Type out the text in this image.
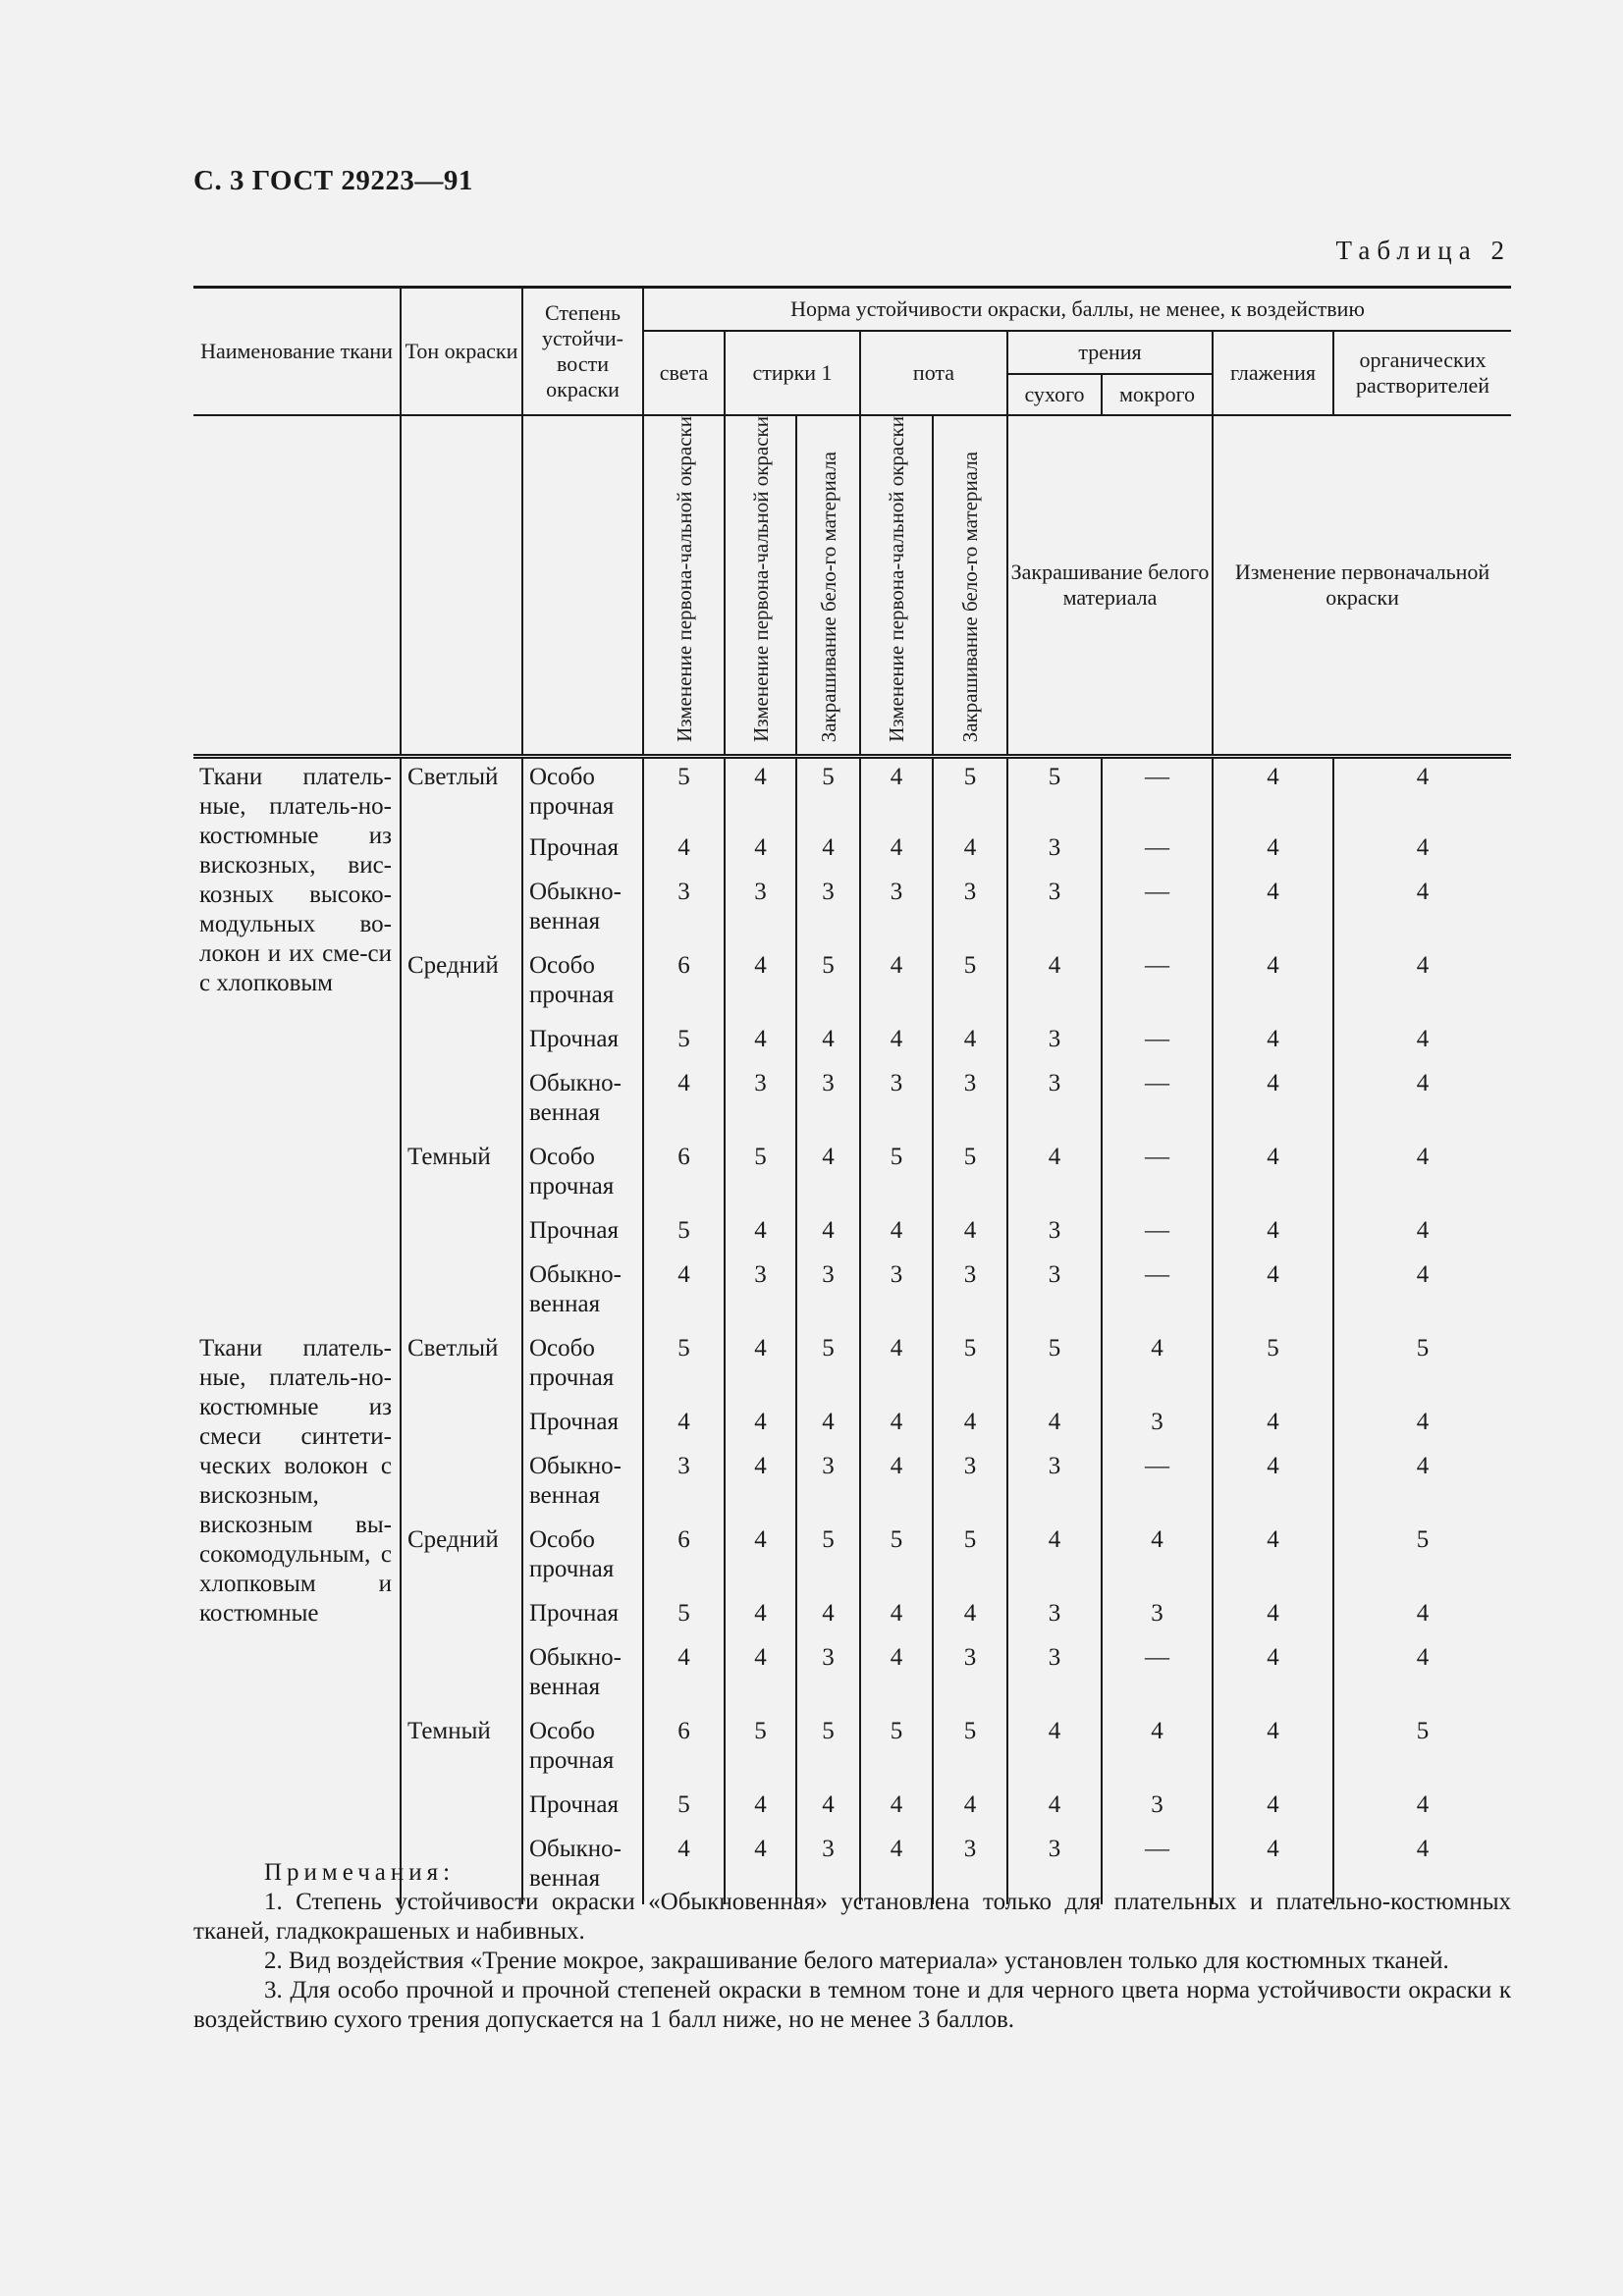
С. 3 ГОСТ 29223—91
Таблица 2
Наименование ткани	Тон окраски	Степень устойчи-вости окраски	Норма устойчивости окраски, баллы, не менее, к воздействию								
			света	стирки 1		пота		трения		глажения	органических растворителей
								сухого	мокрого		
			Изменение первона-чальной окраски	Изменение первона-чальной окраски	Закрашивание бело-го материала	Изменение первона-чальной окраски	Закрашивание бело-го материала	Закрашивание белого материала		Изменение первоначальной окраски	
Ткани платель-ные, платель-но-костюмные из вискозных, вис-козных высоко-модульных во-локон и их сме-си с хлопковым	Светлый	Особо прочная	5	4	5	4	5	5	—	4	4
		Прочная	4	4	4	4	4	3	—	4	4
		Обыкно-венная	3	3	3	3	3	3	—	4	4
	Средний	Особо прочная	6	4	5	4	5	4	—	4	4
		Прочная	5	4	4	4	4	3	—	4	4
		Обыкно-венная	4	3	3	3	3	3	—	4	4
	Темный	Особо прочная	6	5	4	5	5	4	—	4	4
		Прочная	5	4	4	4	4	3	—	4	4
		Обыкно-венная	4	3	3	3	3	3	—	4	4
Ткани платель-ные, платель-но-костюмные из смеси синтети-ческих волокон с вискозным, вискозным вы-сокомодульным, с хлопковым и костюмные	Светлый	Особо прочная	5	4	5	4	5	5	4	5	5
		Прочная	4	4	4	4	4	4	3	4	4
		Обыкно-венная	3	4	3	4	3	3	—	4	4
	Средний	Особо прочная	6	4	5	5	5	4	4	4	5
		Прочная	5	4	4	4	4	3	3	4	4
		Обыкно-венная	4	4	3	4	3	3	—	4	4
	Темный	Особо прочная	6	5	5	5	5	4	4	4	5
		Прочная	5	4	4	4	4	4	3	4	4
		Обыкно-венная	4	4	3	4	3	3	—	4	4
Примечания:

1. Степень устойчивости окраски «Обыкновенная» установлена только для плательных и плательно-костюмных тканей, гладкокрашеных и набивных.

2. Вид воздействия «Трение мокрое, закрашивание белого материала» установлен только для костюмных тканей.

3. Для особо прочной и прочной степеней окраски в темном тоне и для черного цвета норма устойчивости окраски к воздействию сухого трения допускается на 1 балл ниже, но не менее 3 баллов.
